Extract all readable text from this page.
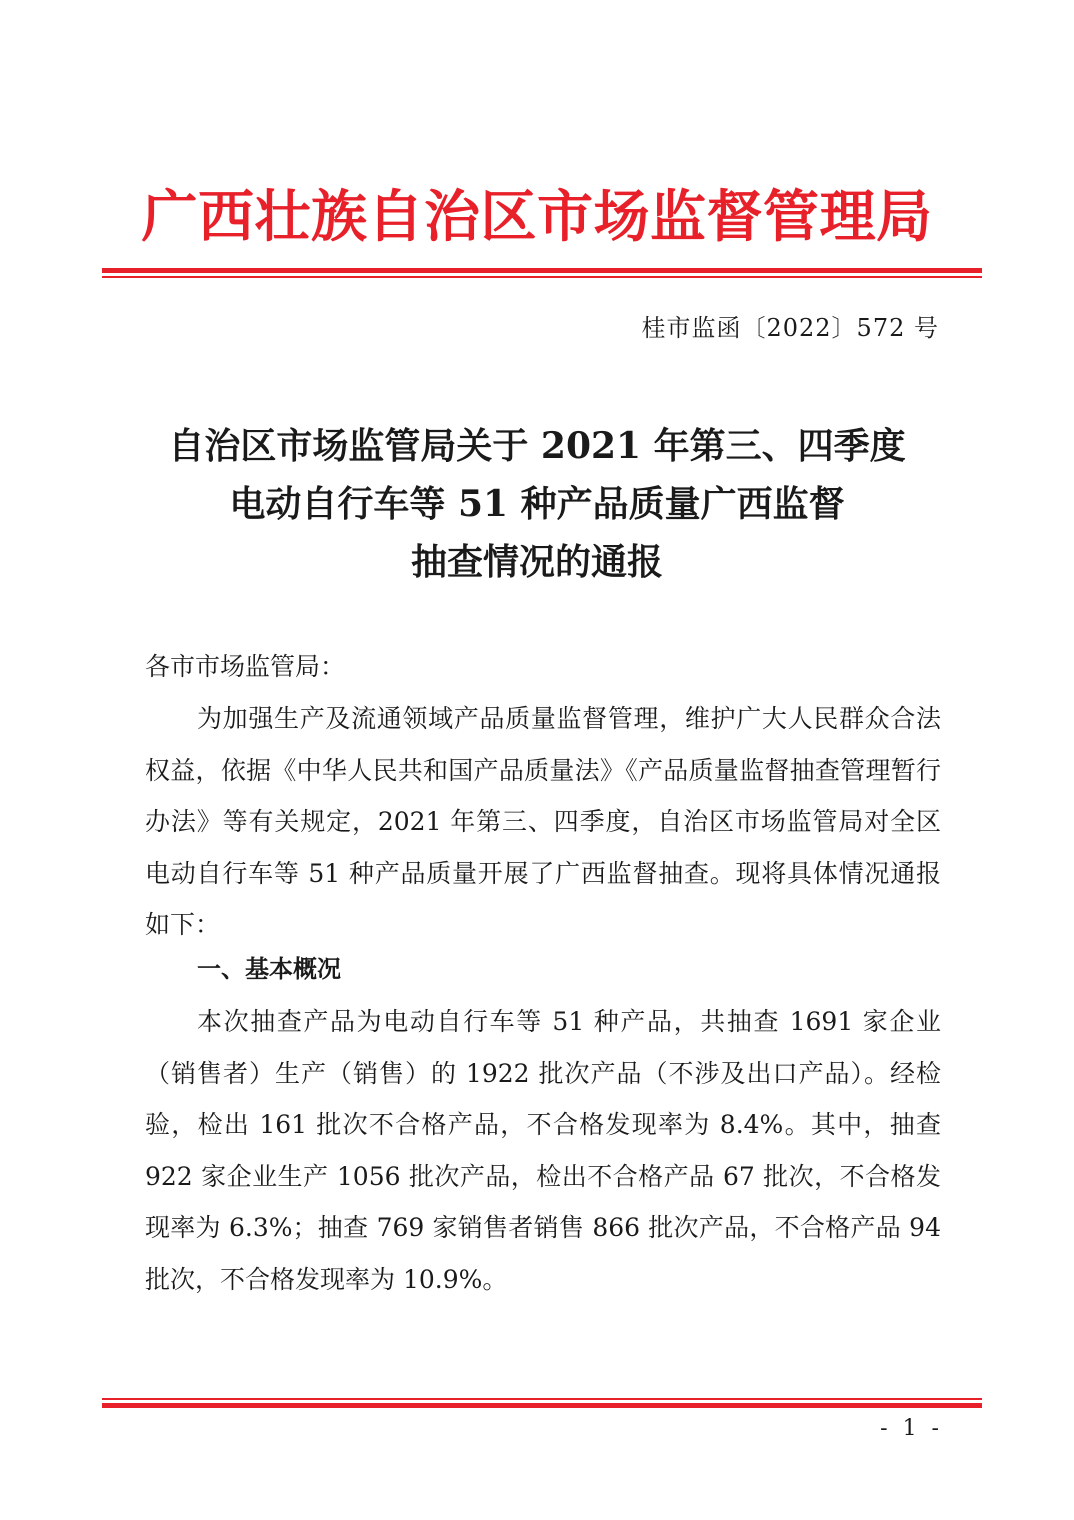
广西壮族自治区市场监督管理局
桂市监函〔2022〕572 号
自治区市场监管局关于 2021 年第三、四季度
电动自行车等 51 种产品质量广西监督
抽查情况的通报
各市市场监管局：
为加强生产及流通领域产品质量监督管理，维护广大人民群众合法权益，依据《中华人民共和国产品质量法》《产品质量监督抽查管理暂行办法》等有关规定，2021 年第三、四季度，自治区市场监管局对全区电动自行车等 51 种产品质量开展了广西监督抽查。现将具体情况通报如下：
一、基本概况
本次抽查产品为电动自行车等 51 种产品，共抽查 1691 家企业（销售者）生产（销售）的 1922 批次产品（不涉及出口产品）。经检验，检出 161 批次不合格产品，不合格发现率为 8.4%。其中，抽查 922 家企业生产 1056 批次产品，检出不合格产品 67 批次，不合格发现率为 6.3%；抽查 769 家销售者销售 866 批次产品，不合格产品 94 批次，不合格发现率为 10.9%。
- 1 -
